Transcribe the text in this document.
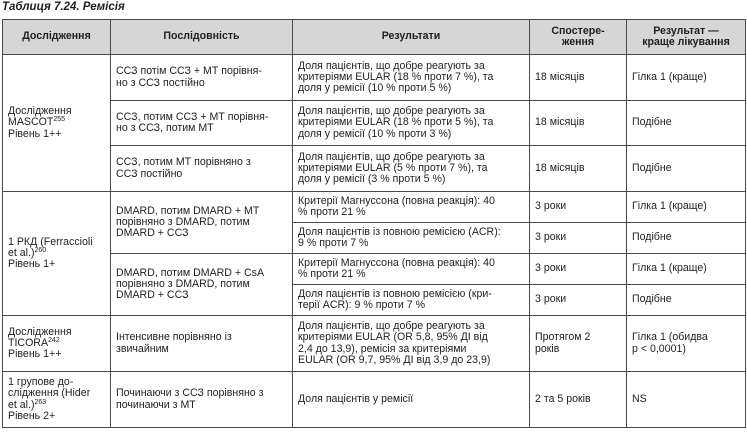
Таблиця 7.24. Ремісія
Дослідження	Послідовність	Результати	Спостере-
ження	Результат —
краще лікування
Дослідження
MASCOT$^{255}$
Рівень 1++	ССЗ потім ССЗ + МТ порівня-
но з ССЗ постійно	Доля пацієнтів, що добре реагують за
критеріями EULAR (18 % проти 7 %), та
доля у ремісії (10 % проти 5 %)	18 місяців	Гілка 1 (краще)
	ССЗ, потим ССЗ + МТ порівня-
но з ССЗ, потим МТ	Доля пацієнтів, що добре реагують за
критеріями EULAR (18 % проти 5 %), та
доля у ремісії (10 % проти 3 %)	18 місяців	Подібне
	ССЗ, потим МТ порівняно з
ССЗ постійно	Доля пацієнтів, що добре реагують за
критеріями EULAR (5 % проти 7 %), та
доля у ремісії (3 % проти 5 %)	18 місяців	Подібне
1 РКД (Ferraccioli
et al.)$^{260}$
Рівень 1+	DMARD, потим DMARD + МТ
порівняно з DMARD, потим
DMARD + ССЗ	Критерії Магнуссона (повна реакція): 40
% проти 21 %	3 роки	Гілка 1 (краще)
		Доля пацієнтів із повною ремісією (ACR):
9 % проти 7 %	3 роки	Подібне
	DMARD, потим DMARD + CsA
порівняно з DMARD, потим
DMARD + ССЗ	Критерії Магнуссона (повна реакція): 40
% проти 21 %	3 роки	Гілка 1 (краще)
		Доля пацієнтів із повною ремісією (кри-
терії ACR): 9 % проти 7 %	3 роки	Подібне
Дослідження
TICORA$^{242}$
Рівень 1++	Інтенсивне порівняно із
звичайним	Доля пацієнтів, що добре реагують за
критеріями EULAR (OR 5,8, 95% ДІ від
2,4 до 13,9), ремісія за критеріями
EULAR (OR 9,7, 95% ДІ від 3,9 до 23,9)	Протягом 2
років	Гілка 1 (обидва
p < 0,0001)
1 групове до-
слідження (Hider
et al.)$^{263}$
Рівень 2+	Починаючи з ССЗ порівняно з
починаючи з МТ	Доля пацієнтів у ремісії	2 та 5 років	NS
